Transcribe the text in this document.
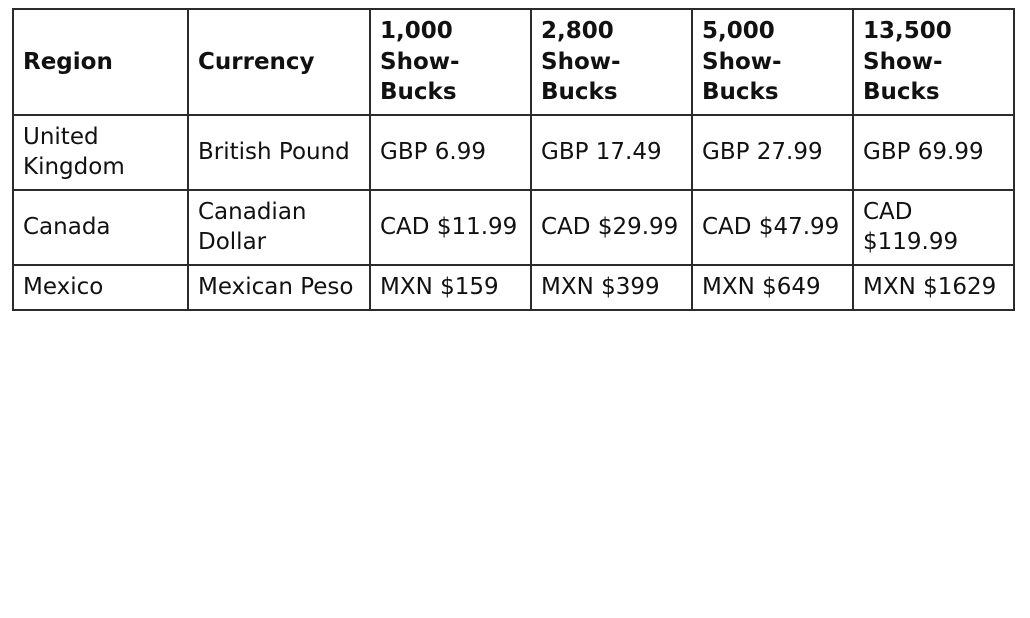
Region	Currency	1,000 Show-Bucks	2,800 Show-Bucks	5,000 Show-Bucks	13,500 Show-Bucks
United Kingdom	British Pound	GBP 6.99	GBP 17.49	GBP 27.99	GBP 69.99
Canada	Canadian Dollar	CAD $11.99	CAD $29.99	CAD $47.99	CAD $119.99
Mexico	Mexican Peso	MXN $159	MXN $399	MXN $649	MXN $1629
